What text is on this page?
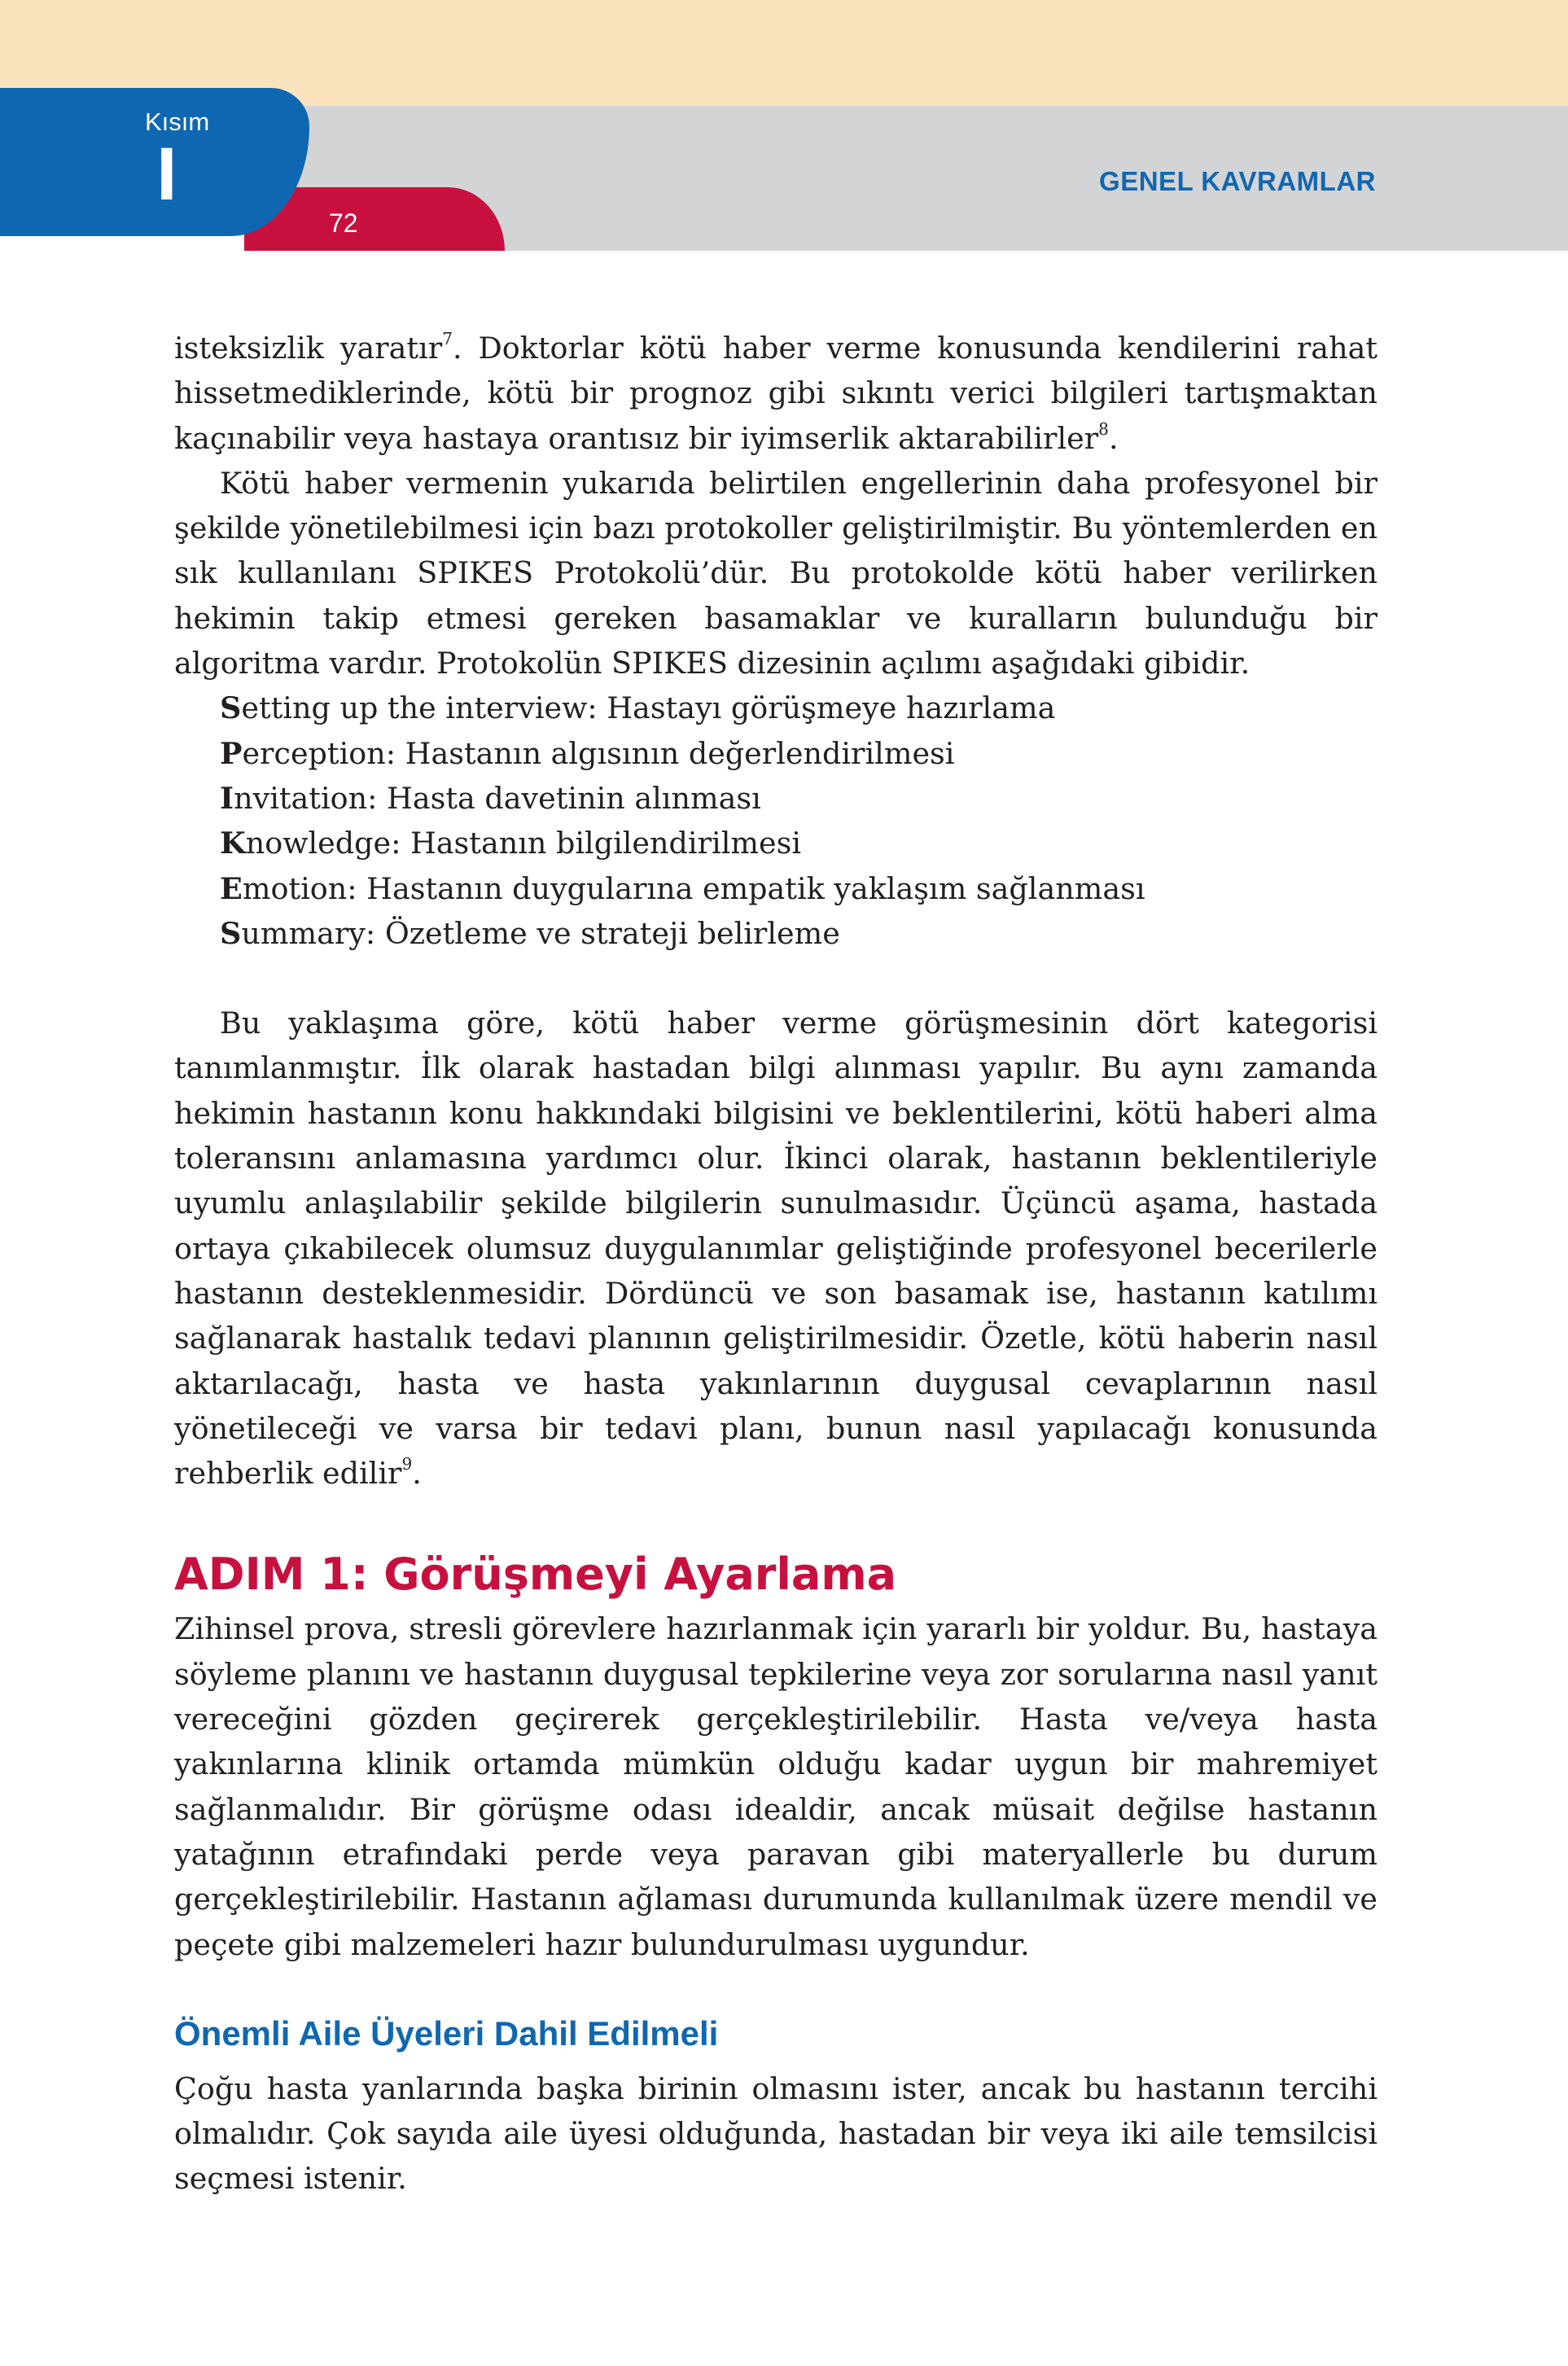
Kısım
I
72
GENEL KAVRAMLAR

isteksizlik yaratır$^7$. Doktorlar kötü haber verme konusunda kendilerini rahat hissetmediklerinde, kötü bir prognoz gibi sıkıntı verici bilgileri tartışmaktan kaçınabilir veya hastaya orantısız bir iyimserlik aktarabilirler$^8$.

Kötü haber vermenin yukarıda belirtilen engellerinin daha profesyonel bir şekilde yönetilebilmesi için bazı protokoller geliştirilmiştir. Bu yöntemlerden en sık kullanılanı SPIKES Protokolü’dür. Bu protokolde kötü haber verilirken hekimin takip etmesi gereken basamaklar ve kuralların bulunduğu bir algoritma vardır. Protokolün SPIKES dizesinin açılımı aşağıdaki gibidir.

Setting up the interview: Hastayı görüşmeye hazırlama
Perception: Hastanın algısının değerlendirilmesi
Invitation: Hasta davetinin alınması
Knowledge: Hastanın bilgilendirilmesi
Emotion: Hastanın duygularına empatik yaklaşım sağlanması
Summary: Özetleme ve strateji belirleme

Bu yaklaşıma göre, kötü haber verme görüşmesinin dört kategorisi tanımlanmıştır. İlk olarak hastadan bilgi alınması yapılır. Bu aynı zamanda hekimin hastanın konu hakkındaki bilgisini ve beklentilerini, kötü haberi alma toleransını anlamasına yardımcı olur. İkinci olarak, hastanın beklentileriyle uyumlu anlaşılabilir şekilde bilgilerin sunulmasıdır. Üçüncü aşama, hastada ortaya çıkabilecek olumsuz duygulanımlar geliştiğinde profesyonel becerilerle hastanın desteklenmesidir. Dördüncü ve son basamak ise, hastanın katılımı sağlanarak hastalık tedavi planının geliştirilmesidir. Özetle, kötü haberin nasıl aktarılacağı, hasta ve hasta yakınlarının duygusal cevaplarının nasıl yönetileceği ve varsa bir tedavi planı, bunun nasıl yapılacağı konusunda rehberlik edilir$^9$.

ADIM 1: Görüşmeyi Ayarlama

Zihinsel prova, stresli görevlere hazırlanmak için yararlı bir yoldur. Bu, hastaya söyleme planını ve hastanın duygusal tepkilerine veya zor sorularına nasıl yanıt vereceğini gözden geçirerek gerçekleştirilebilir. Hasta ve/veya hasta yakınlarına klinik ortamda mümkün olduğu kadar uygun bir mahremiyet sağlanmalıdır. Bir görüşme odası idealdir, ancak müsait değilse hastanın yatağının etrafındaki perde veya paravan gibi materyallerle bu durum gerçekleştirilebilir. Hastanın ağlaması durumunda kullanılmak üzere mendil ve peçete gibi malzemeleri hazır bulundurulması uygundur.

Önemli Aile Üyeleri Dahil Edilmeli

Çoğu hasta yanlarında başka birinin olmasını ister, ancak bu hastanın tercihi olmalıdır. Çok sayıda aile üyesi olduğunda, hastadan bir veya iki aile temsilcisi seçmesi istenir.
